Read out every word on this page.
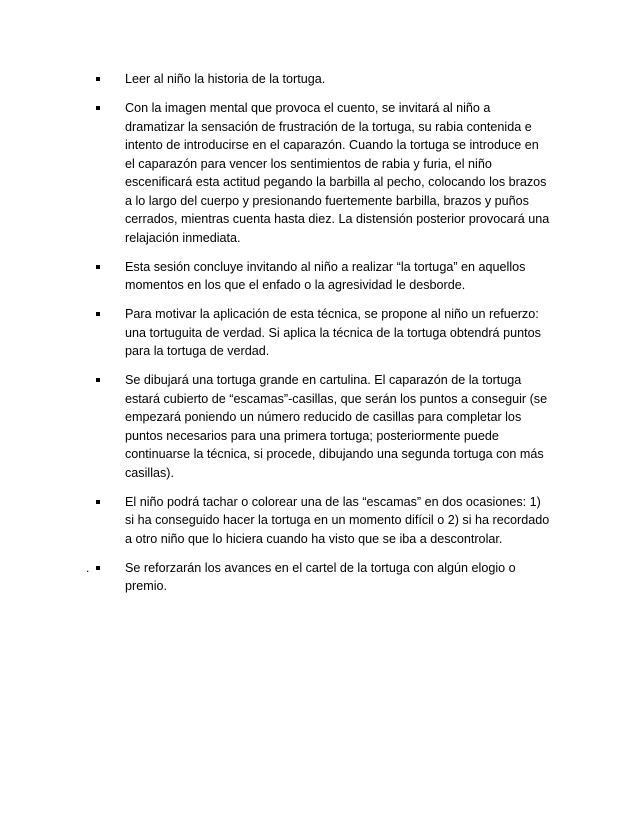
Leer al niño la historia de la tortuga.
Con la imagen mental que provoca el cuento, se invitará al niño a
dramatizar la sensación de frustración de la tortuga, su rabia contenida e
intento de introducirse en el caparazón. Cuando la tortuga se introduce en
el caparazón para vencer los sentimientos de rabia y furia, el niño
escenificará esta actitud pegando la barbilla al pecho, colocando los brazos
a lo largo del cuerpo y presionando fuertemente barbilla, brazos y puños
cerrados, mientras cuenta hasta diez. La distensión posterior provocará una
relajación inmediata.
Esta sesión concluye invitando al niño a realizar “la tortuga” en aquellos
momentos en los que el enfado o la agresividad le desborde.
Para motivar la aplicación de esta técnica, se propone al niño un refuerzo:
una tortuguita de verdad. Si aplica la técnica de la tortuga obtendrá puntos
para la tortuga de verdad.
Se dibujará una tortuga grande en cartulina. El caparazón de la tortuga
estará cubierto de “escamas”-casillas, que serán los puntos a conseguir (se
empezará poniendo un número reducido de casillas para completar los
puntos necesarios para una primera tortuga; posteriormente puede
continuarse la técnica, si procede, dibujando una segunda tortuga con más
casillas).
El niño podrá tachar o colorear una de las “escamas” en dos ocasiones: 1)
si ha conseguido hacer la tortuga en un momento difícil o 2) si ha recordado
a otro niño que lo hiciera cuando ha visto que se iba a descontrolar.
Se reforzarán los avances en el cartel de la tortuga con algún elogio o
premio.
.
